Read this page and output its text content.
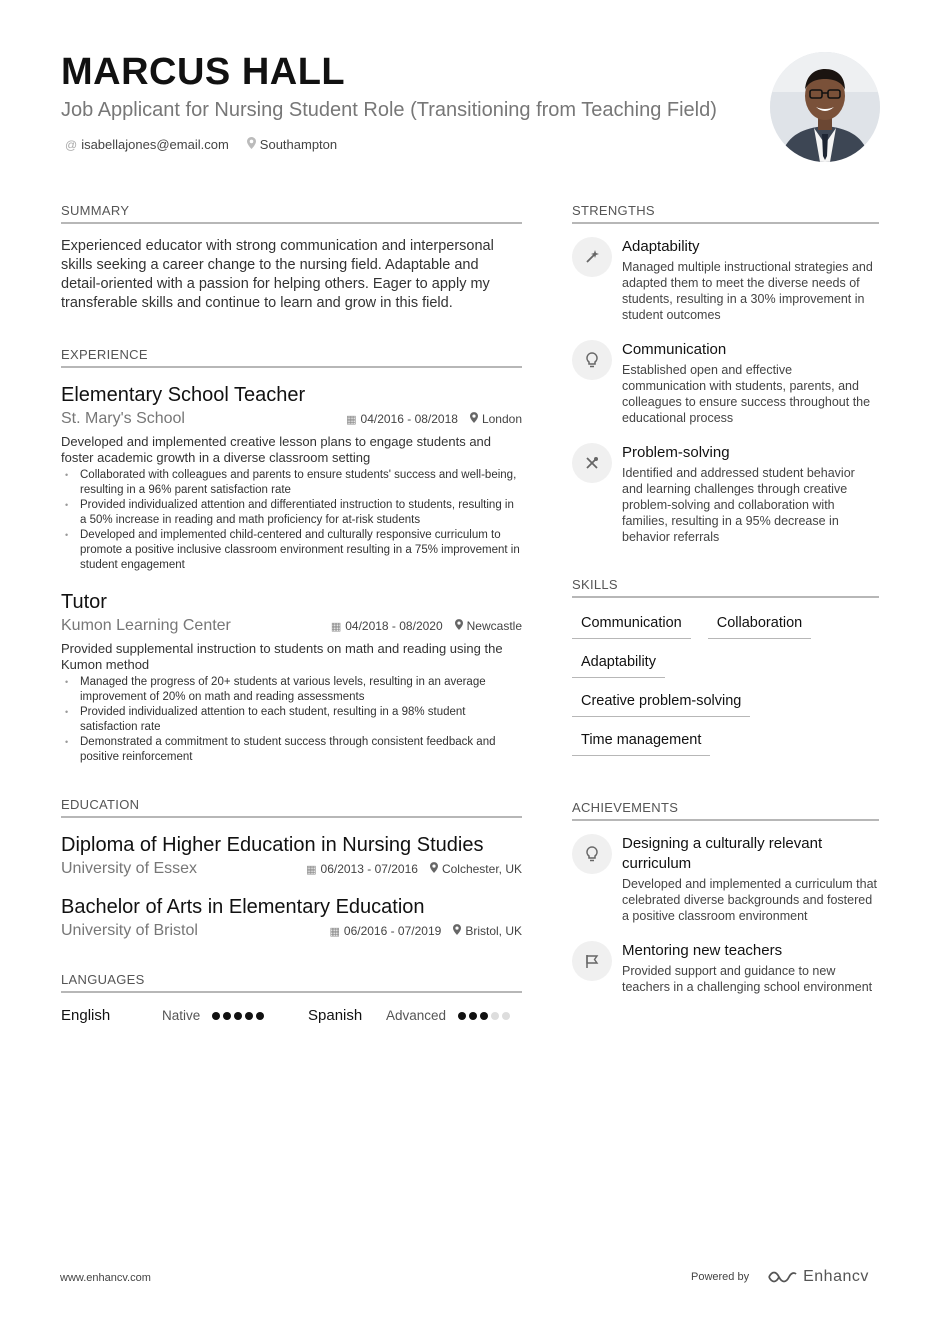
MARCUS HALL
Job Applicant for Nursing Student Role (Transitioning from Teaching Field)
@ isabellajones@email.com Southampton
SUMMARY
Experienced educator with strong communication and interpersonal skills seeking a career change to the nursing field. Adaptable and detail-oriented with a passion for helping others. Eager to apply my transferable skills and continue to learn and grow in this field.
EXPERIENCE
Elementary School Teacher
St. Mary's School	▦ 04/2016 - 08/2018	London
Developed and implemented creative lesson plans to engage students and foster academic growth in a diverse classroom setting
• Collaborated with colleagues and parents to ensure students' success and well-being, resulting in a 96% parent satisfaction rate
• Provided individualized attention and differentiated instruction to students, resulting in a 50% increase in reading and math proficiency for at-risk students
• Developed and implemented child-centered and culturally responsive curriculum to promote a positive inclusive classroom environment resulting in a 75% improvement in student engagement
Tutor
Kumon Learning Center	▦ 04/2018 - 08/2020	Newcastle
Provided supplemental instruction to students on math and reading using the Kumon method
• Managed the progress of 20+ students at various levels, resulting in an average improvement of 20% on math and reading assessments
• Provided individualized attention to each student, resulting in a 98% student satisfaction rate
• Demonstrated a commitment to student success through consistent feedback and positive reinforcement
EDUCATION
Diploma of Higher Education in Nursing Studies
University of Essex	▦ 06/2013 - 07/2016	Colchester, UK
Bachelor of Arts in Elementary Education
University of Bristol	▦ 06/2016 - 07/2019	Bristol, UK
LANGUAGES
English	Native	Spanish	Advanced
STRENGTHS
Adaptability
Managed multiple instructional strategies and adapted them to meet the diverse needs of students, resulting in a 30% improvement in student outcomes
Communication
Established open and effective communication with students, parents, and colleagues to ensure success throughout the educational process
Problem-solving
Identified and addressed student behavior and learning challenges through creative problem-solving and collaboration with families, resulting in a 95% decrease in behavior referrals
SKILLS
Communication	Collaboration
Adaptability
Creative problem-solving
Time management
ACHIEVEMENTS
Designing a culturally relevant curriculum
Developed and implemented a curriculum that celebrated diverse backgrounds and fostered a positive classroom environment
Mentoring new teachers
Provided support and guidance to new teachers in a challenging school environment
www.enhancv.com	Powered by	Enhancv
